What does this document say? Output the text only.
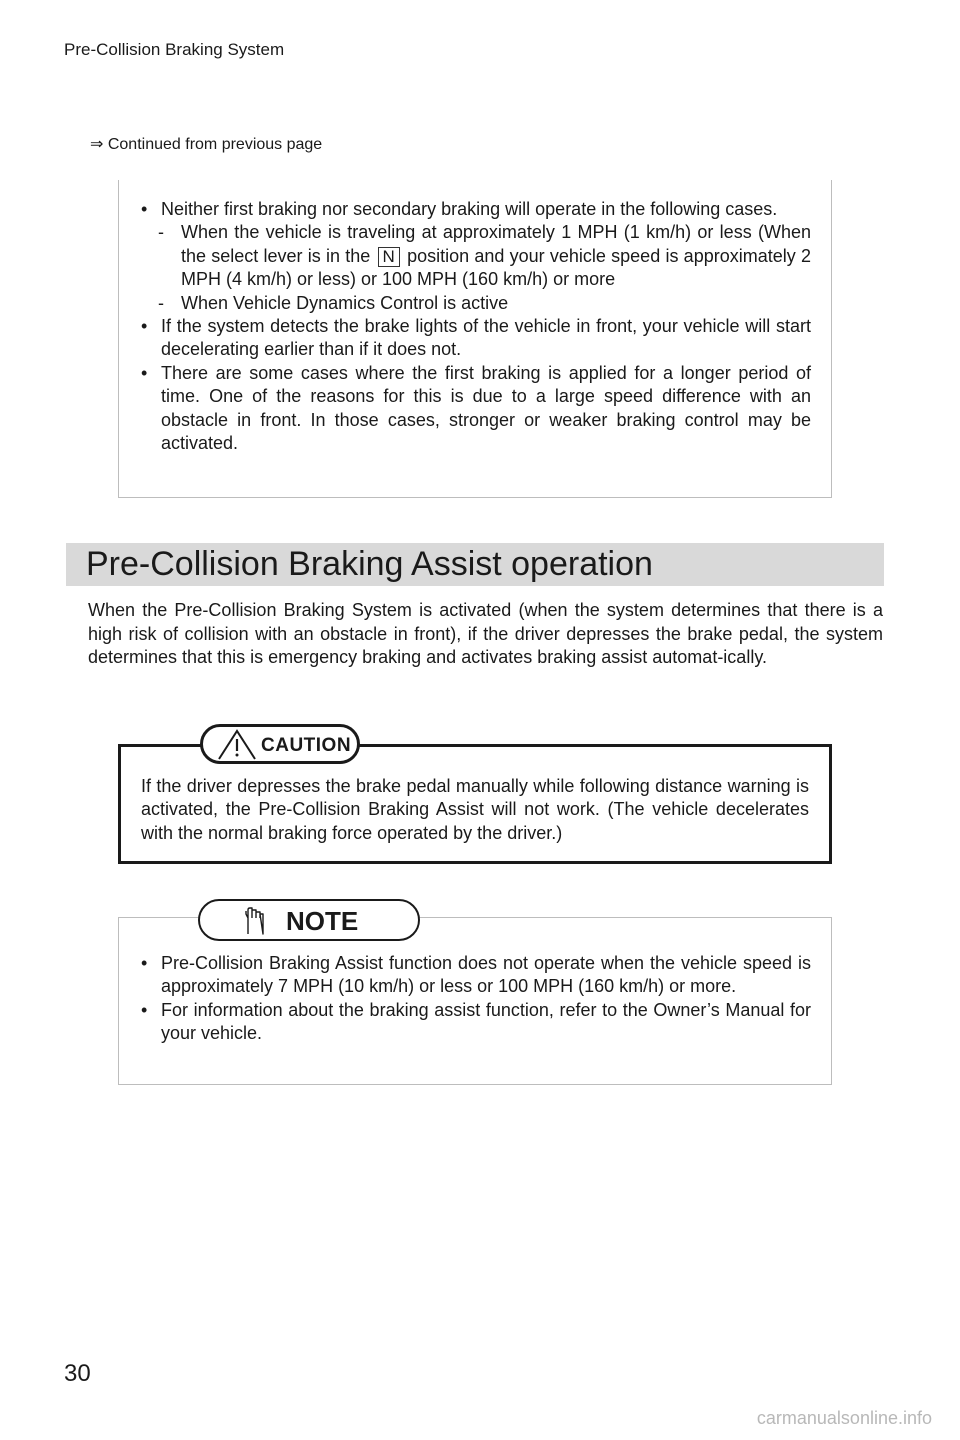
Pre-Collision Braking System
⇒ Continued from previous page
• Neither first braking nor secondary braking will operate in the following cases.
- When the vehicle is traveling at approximately 1 MPH (1 km/h) or less (When the select lever is in the N position and your vehicle speed is approximately 2 MPH (4 km/h) or less) or 100 MPH (160 km/h) or more
- When Vehicle Dynamics Control is active
• If the system detects the brake lights of the vehicle in front, your vehicle will start decelerating earlier than if it does not.
• There are some cases where the first braking is applied for a longer period of time. One of the reasons for this is due to a large speed difference with an obstacle in front. In those cases, stronger or weaker braking control may be activated.
Pre-Collision Braking Assist operation
When the Pre-Collision Braking System is activated (when the system determines that there is a high risk of collision with an obstacle in front), if the driver depresses the brake pedal, the system determines that this is emergency braking and activates braking assist automat-ically.
If the driver depresses the brake pedal manually while following distance warning is activated, the Pre-Collision Braking Assist will not work. (The vehicle decelerates with the normal braking force operated by the driver.)
CAUTION
• Pre-Collision Braking Assist function does not operate when the vehicle speed is approximately 7 MPH (10 km/h) or less or 100 MPH (160 km/h) or more.
• For information about the braking assist function, refer to the Owner’s Manual for your vehicle.
NOTE
30
carmanualsonline.info
